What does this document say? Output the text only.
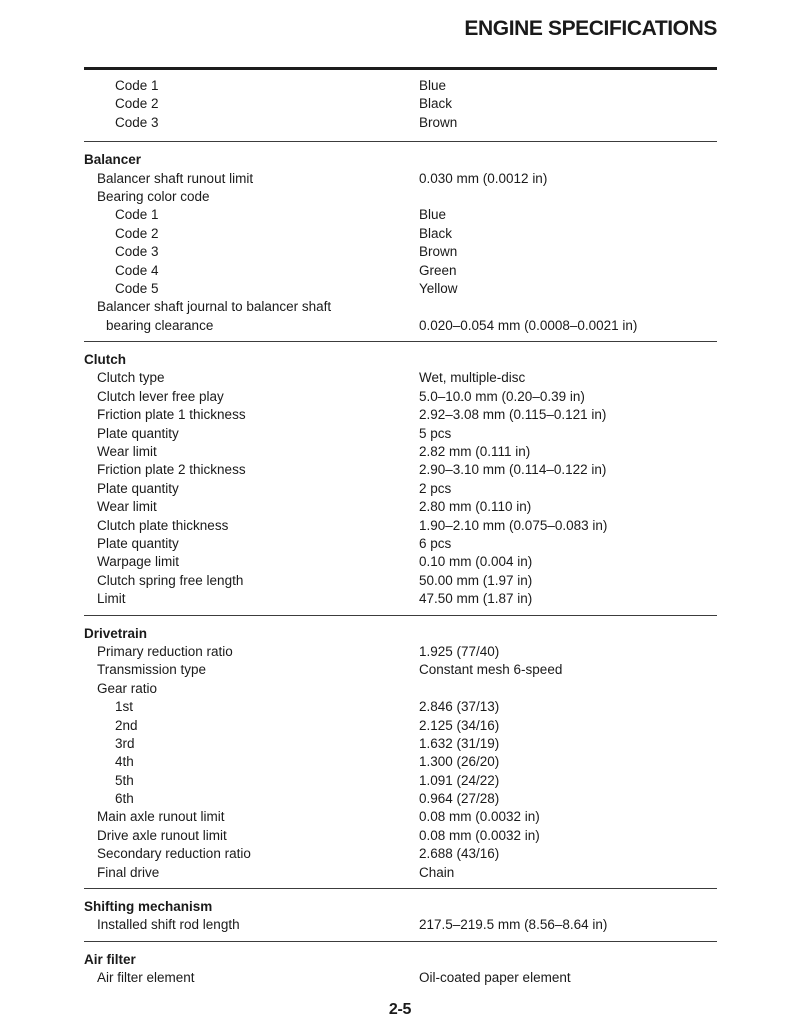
ENGINE SPECIFICATIONS
Code 1	Blue
Code 2	Black
Code 3	Brown
Balancer
Balancer shaft runout limit	0.030 mm (0.0012 in)
Bearing color code
Code 1	Blue
Code 2	Black
Code 3	Brown
Code 4	Green
Code 5	Yellow
Balancer shaft journal to balancer shaft
bearing clearance	0.020–0.054 mm (0.0008–0.0021 in)
Clutch
Clutch type	Wet, multiple-disc
Clutch lever free play	5.0–10.0 mm (0.20–0.39 in)
Friction plate 1 thickness	2.92–3.08 mm (0.115–0.121 in)
Plate quantity	5 pcs
Wear limit	2.82 mm (0.111 in)
Friction plate 2 thickness	2.90–3.10 mm (0.114–0.122 in)
Plate quantity	2 pcs
Wear limit	2.80 mm (0.110 in)
Clutch plate thickness	1.90–2.10 mm (0.075–0.083 in)
Plate quantity	6 pcs
Warpage limit	0.10 mm (0.004 in)
Clutch spring free length	50.00 mm (1.97 in)
Limit	47.50 mm (1.87 in)
Drivetrain
Primary reduction ratio	1.925 (77/40)
Transmission type	Constant mesh 6-speed
Gear ratio
1st	2.846 (37/13)
2nd	2.125 (34/16)
3rd	1.632 (31/19)
4th	1.300 (26/20)
5th	1.091 (24/22)
6th	0.964 (27/28)
Main axle runout limit	0.08 mm (0.0032 in)
Drive axle runout limit	0.08 mm (0.0032 in)
Secondary reduction ratio	2.688 (43/16)
Final drive	Chain
Shifting mechanism
Installed shift rod length	217.5–219.5 mm (8.56–8.64 in)
Air filter
Air filter element	Oil-coated paper element
2-5
